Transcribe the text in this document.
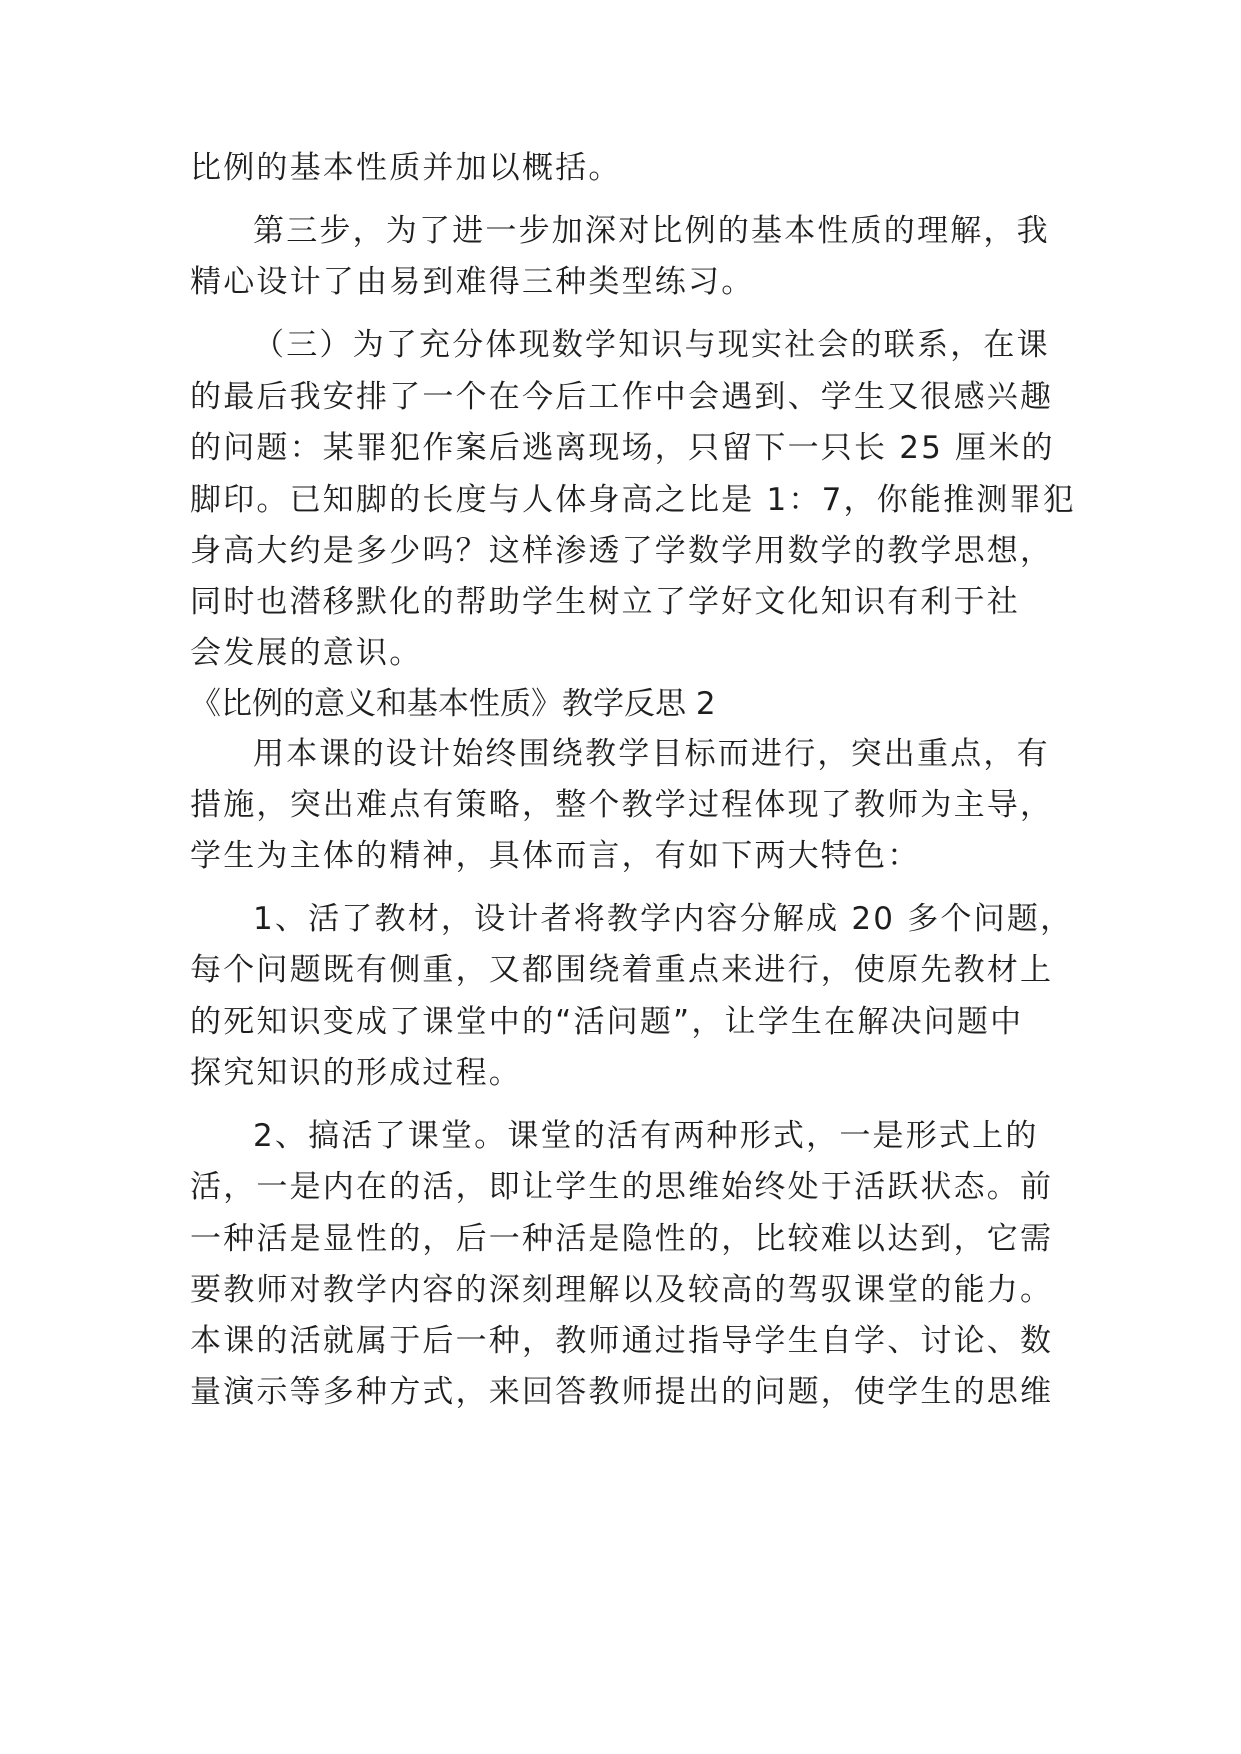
比例的基本性质并加以概括。

第三步，为了进一步加深对比例的基本性质的理解，我

精心设计了由易到难得三种类型练习。

（三）为了充分体现数学知识与现实社会的联系，在课

的最后我安排了一个在今后工作中会遇到、学生又很感兴趣

的问题：某罪犯作案后逃离现场，只留下一只长 25 厘米的

脚印。已知脚的长度与人体身高之比是 1：7，你能推测罪犯

身高大约是多少吗？这样渗透了学数学用数学的教学思想，

同时也潜移默化的帮助学生树立了学好文化知识有利于社

会发展的意识。

《比例的意义和基本性质》教学反思 2

用本课的设计始终围绕教学目标而进行，突出重点，有

措施，突出难点有策略，整个教学过程体现了教师为主导，

学生为主体的精神，具体而言，有如下两大特色：

1、活了教材，设计者将教学内容分解成 20 多个问题，

每个问题既有侧重，又都围绕着重点来进行，使原先教材上

的死知识变成了课堂中的“活问题”，让学生在解决问题中

探究知识的形成过程。

2、搞活了课堂。课堂的活有两种形式，一是形式上的

活，一是内在的活，即让学生的思维始终处于活跃状态。前

一种活是显性的，后一种活是隐性的，比较难以达到，它需

要教师对教学内容的深刻理解以及较高的驾驭课堂的能力。

本课的活就属于后一种，教师通过指导学生自学、讨论、数

量演示等多种方式，来回答教师提出的问题，使学生的思维
